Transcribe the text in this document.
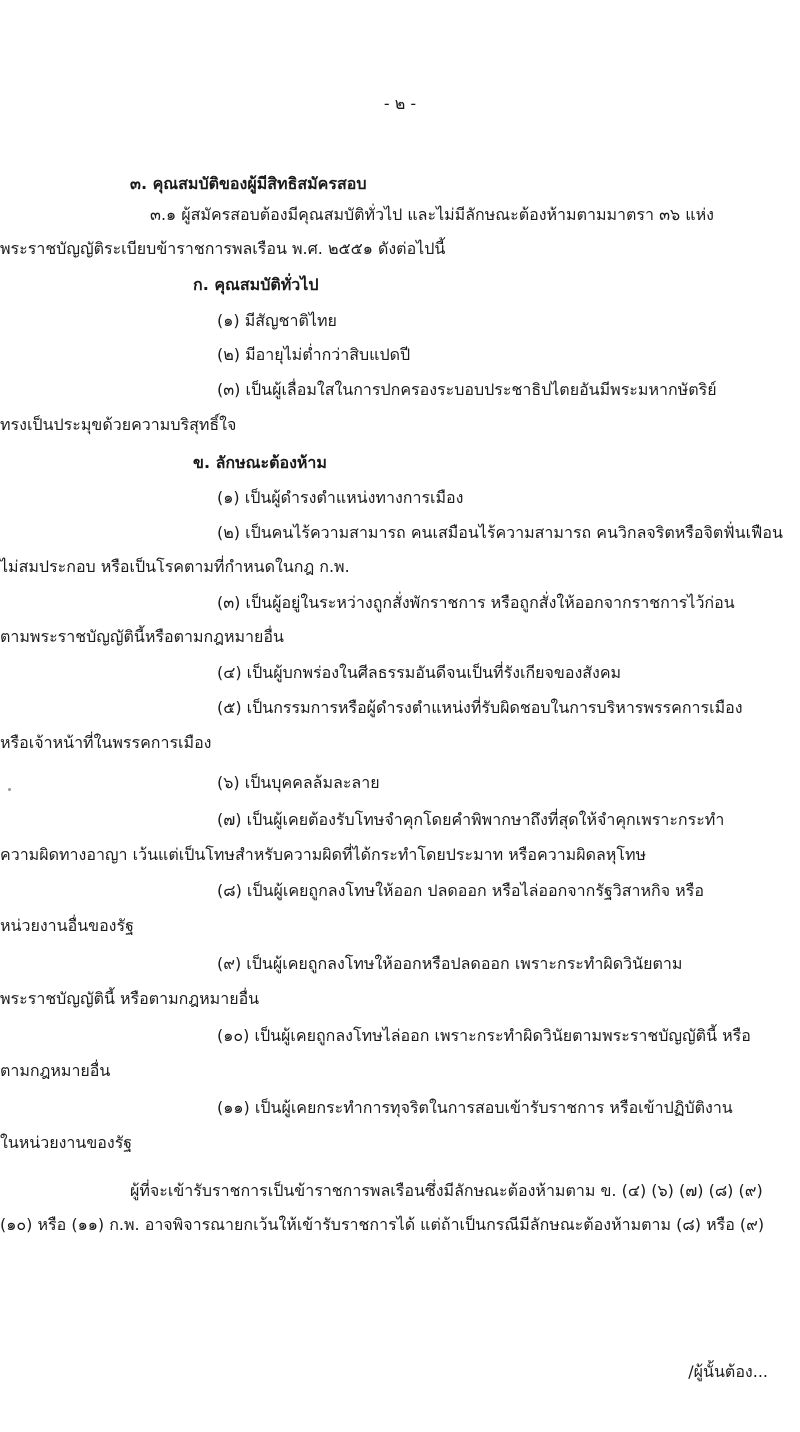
- ๒ -
๓. คุณสมบัติของผู้มีสิทธิสมัครสอบ
๓.๑ ผู้สมัครสอบต้องมีคุณสมบัติทั่วไป และไม่มีลักษณะต้องห้ามตามมาตรา ๓๖ แห่ง
พระราชบัญญัติระเบียบข้าราชการพลเรือน พ.ศ. ๒๕๕๑ ดังต่อไปนี้
ก. คุณสมบัติทั่วไป
(๑) มีสัญชาติไทย
(๒) มีอายุไม่ต่ำกว่าสิบแปดปี
(๓) เป็นผู้เลื่อมใสในการปกครองระบอบประชาธิปไตยอันมีพระมหากษัตริย์
ทรงเป็นประมุขด้วยความบริสุทธิ์ใจ
ข. ลักษณะต้องห้าม
(๑) เป็นผู้ดำรงตำแหน่งทางการเมือง
(๒) เป็นคนไร้ความสามารถ คนเสมือนไร้ความสามารถ คนวิกลจริตหรือจิตฟั่นเฟือน
ไม่สมประกอบ หรือเป็นโรคตามที่กำหนดในกฎ ก.พ.
(๓) เป็นผู้อยู่ในระหว่างถูกสั่งพักราชการ หรือถูกสั่งให้ออกจากราชการไว้ก่อน
ตามพระราชบัญญัตินี้หรือตามกฎหมายอื่น
(๔) เป็นผู้บกพร่องในศีลธรรมอันดีจนเป็นที่รังเกียจของสังคม
(๕) เป็นกรรมการหรือผู้ดำรงตำแหน่งที่รับผิดชอบในการบริหารพรรคการเมือง
หรือเจ้าหน้าที่ในพรรคการเมือง
(๖) เป็นบุคคลล้มละลาย
(๗) เป็นผู้เคยต้องรับโทษจำคุกโดยคำพิพากษาถึงที่สุดให้จำคุกเพราะกระทำ
ความผิดทางอาญา เว้นแต่เป็นโทษสำหรับความผิดที่ได้กระทำโดยประมาท หรือความผิดลหุโทษ
(๘) เป็นผู้เคยถูกลงโทษให้ออก ปลดออก หรือไล่ออกจากรัฐวิสาหกิจ หรือ
หน่วยงานอื่นของรัฐ
(๙) เป็นผู้เคยถูกลงโทษให้ออกหรือปลดออก เพราะกระทำผิดวินัยตาม
พระราชบัญญัตินี้ หรือตามกฎหมายอื่น
(๑๐) เป็นผู้เคยถูกลงโทษไล่ออก เพราะกระทำผิดวินัยตามพระราชบัญญัตินี้ หรือ
ตามกฎหมายอื่น
(๑๑) เป็นผู้เคยกระทำการทุจริตในการสอบเข้ารับราชการ หรือเข้าปฏิบัติงาน
ในหน่วยงานของรัฐ
ผู้ที่จะเข้ารับราชการเป็นข้าราชการพลเรือนซึ่งมีลักษณะต้องห้ามตาม ข. (๔) (๖) (๗) (๘) (๙)
(๑๐) หรือ (๑๑) ก.พ. อาจพิจารณายกเว้นให้เข้ารับราชการได้ แต่ถ้าเป็นกรณีมีลักษณะต้องห้ามตาม (๘) หรือ (๙)
/ผู้นั้นต้อง...
